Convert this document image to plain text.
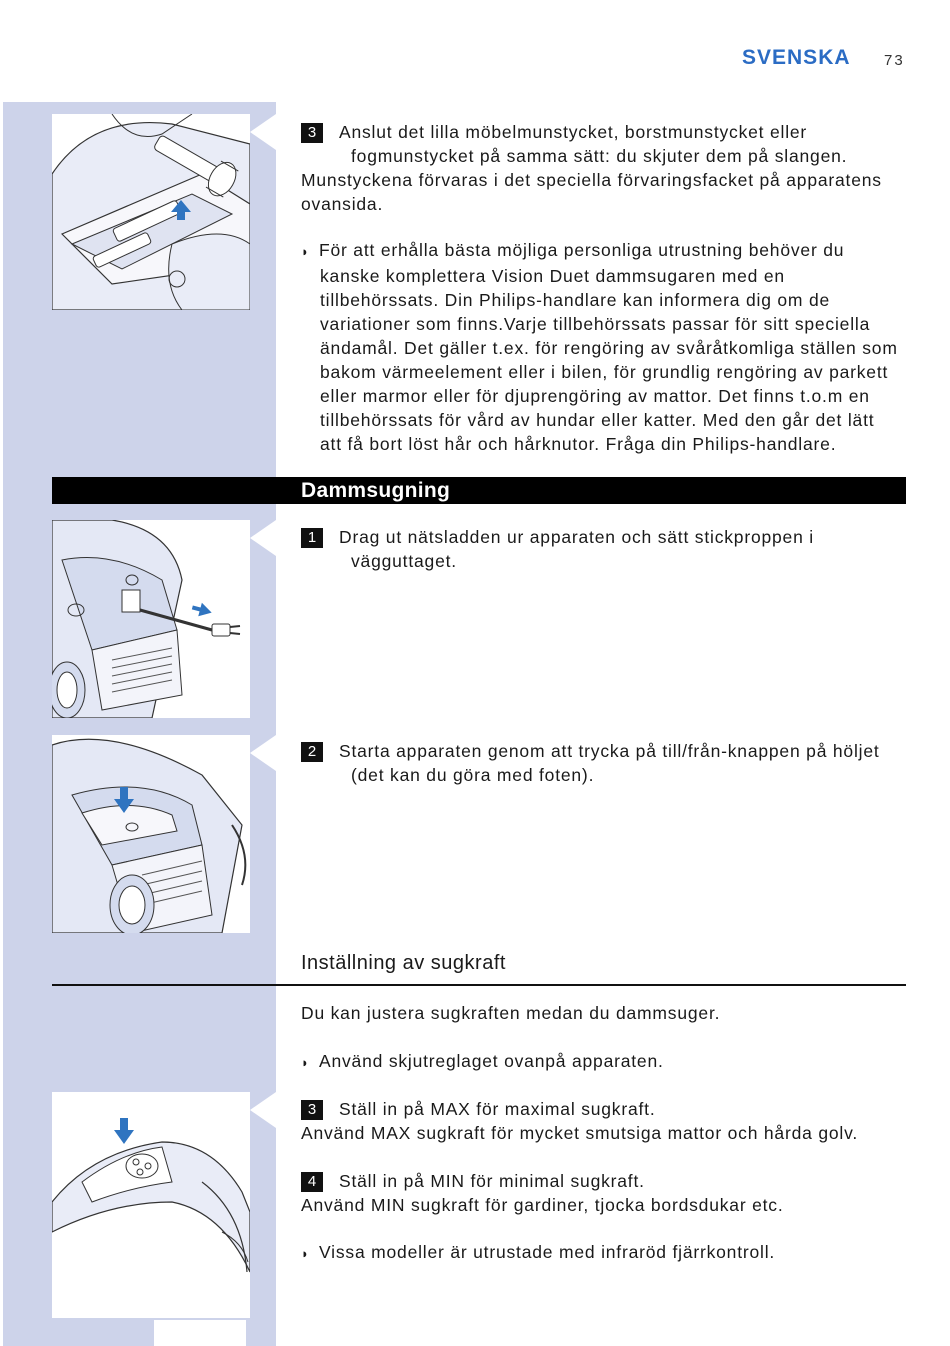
SVENSKA 73
3 Anslut det lilla möbelmunstycket, borstmunstycket eller
fogmunstycket på samma sätt: du skjuter dem på slangen.
Munstyckena förvaras i det speciella förvaringsfacket på apparatens
ovansida.
◗ För att erhålla bästa möjliga personliga utrustning behöver du
kanske komplettera Vision Duet dammsugaren med en
tillbehörssats. Din Philips-handlare kan informera dig om de
variationer som finns.Varje tillbehörssats passar för sitt speciella
ändamål. Det gäller t.ex. för rengöring av svåråtkomliga ställen som
bakom värmeelement eller i bilen, för grundlig rengöring av parkett
eller marmor eller för djuprengöring av mattor. Det finns t.o.m en
tillbehörssats för vård av hundar eller katter. Med den går det lätt
att få bort löst hår och hårknutor. Fråga din Philips-handlare.
Dammsugning
1 Drag ut nätsladden ur apparaten och sätt stickproppen i
vägguttaget.
2 Starta apparaten genom att trycka på till/från-knappen på höljet
(det kan du göra med foten).
Inställning av sugkraft
Du kan justera sugkraften medan du dammsuger.
◗ Använd skjutreglaget ovanpå apparaten.
3 Ställ in på MAX för maximal sugkraft.
Använd MAX sugkraft för mycket smutsiga mattor och hårda golv.
4 Ställ in på MIN för minimal sugkraft.
Använd MIN sugkraft för gardiner, tjocka bordsdukar etc.
◗ Vissa modeller är utrustade med infraröd fjärrkontroll.
